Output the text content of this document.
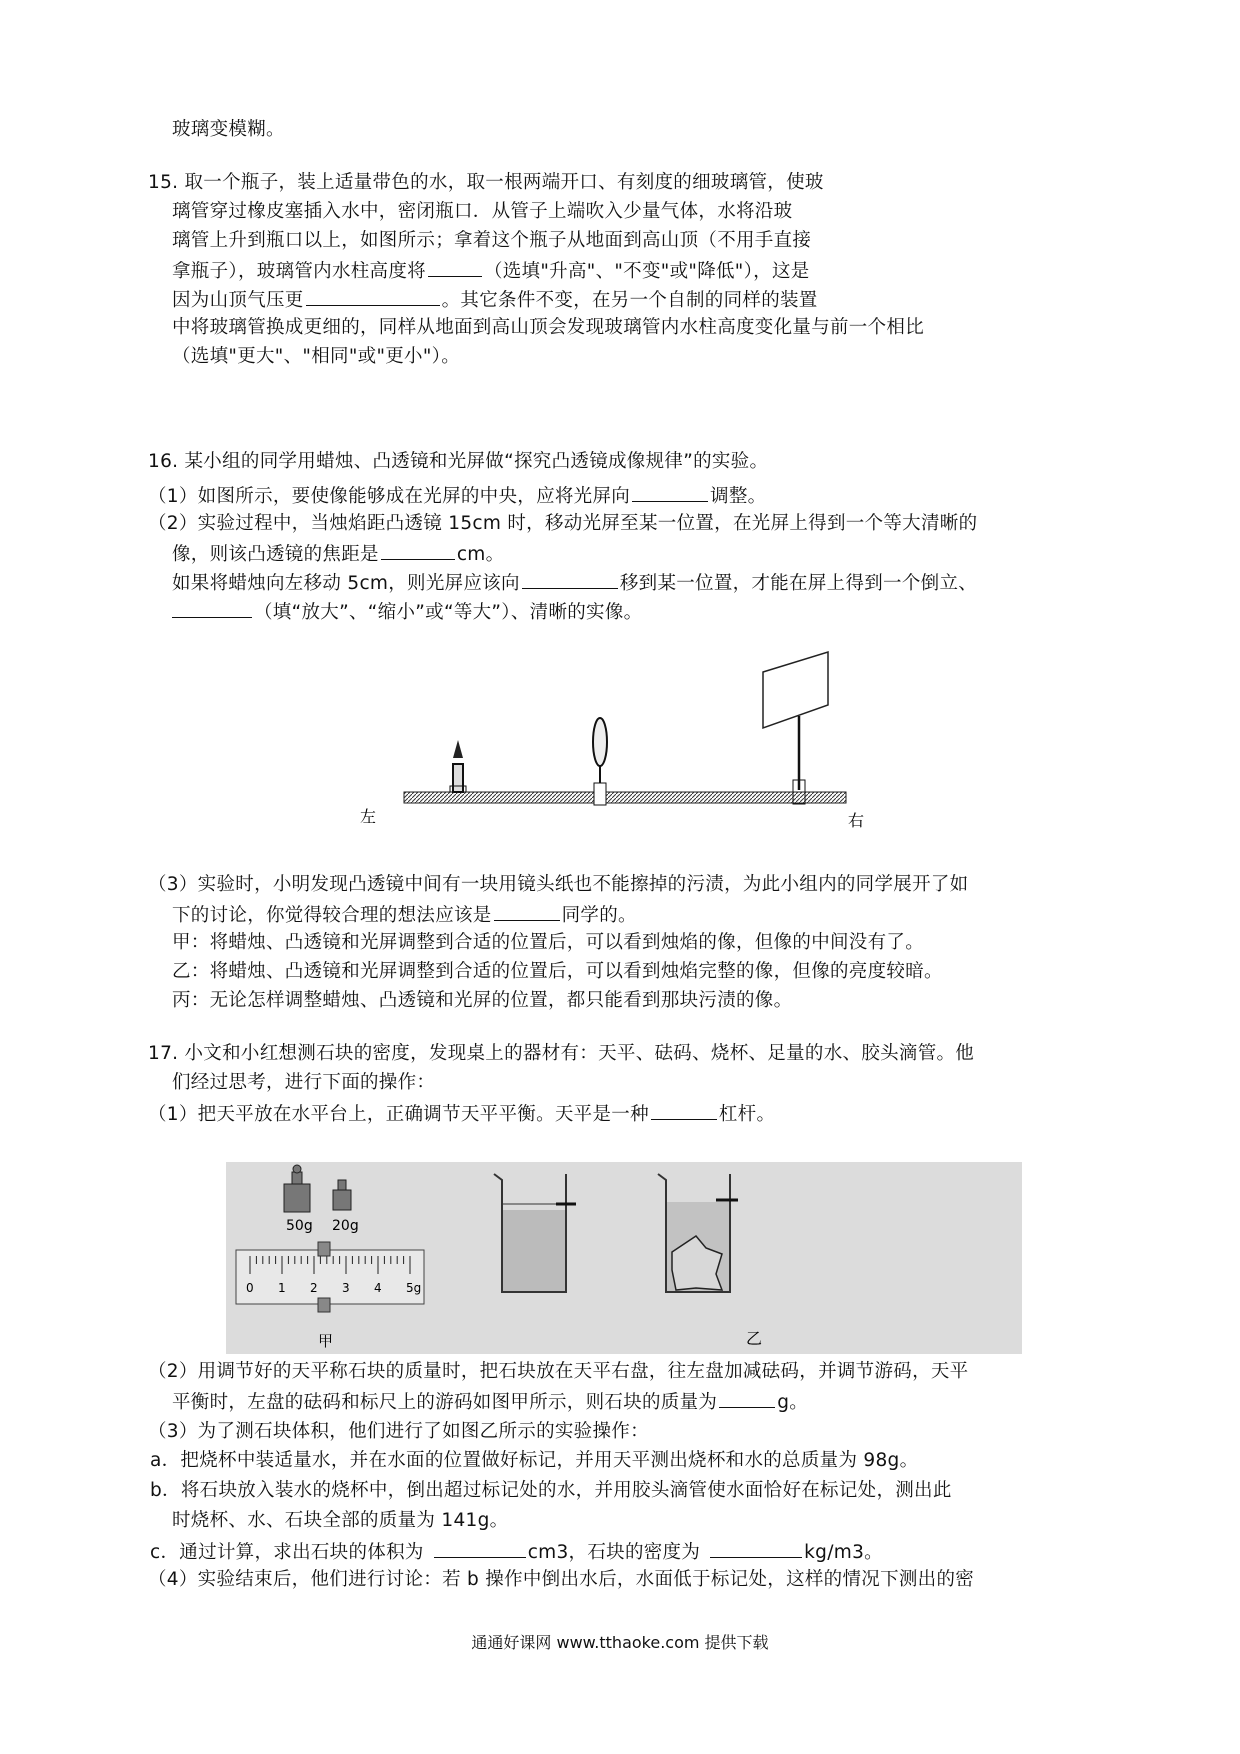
玻璃变模糊。
15. 取一个瓶子，装上适量带色的水，取一根两端开口、有刻度的细玻璃管，使玻
璃管穿过橡皮塞插入水中，密闭瓶口．从管子上端吹入少量气体，水将沿玻
璃管上升到瓶口以上，如图所示；拿着这个瓶子从地面到高山顶（不用手直接
拿瓶子），玻璃管内水柱高度将	（选填"升高"、"不变"或"降低"），这是
因为山顶气压更	。其它条件不变，在另一个自制的同样的装置
中将玻璃管换成更细的，同样从地面到高山顶会发现玻璃管内水柱高度变化量与前一个相比
（选填"更大"、"相同"或"更小"）。
16. 某小组的同学用蜡烛、凸透镜和光屏做“探究凸透镜成像规律”的实验。
（1）如图所示，要使像能够成在光屏的中央，应将光屏向	调整。
（2）实验过程中，当烛焰距凸透镜 15cm 时，移动光屏至某一位置，在光屏上得到一个等大清晰的
像，则该凸透镜的焦距是	cm。
如果将蜡烛向左移动 5cm，则光屏应该向	移到某一位置，才能在屏上得到一个倒立、
（填“放大”、“缩小”或“等大”）、清晰的实像。
左	右
（3）实验时，小明发现凸透镜中间有一块用镜头纸也不能擦掉的污渍，为此小组内的同学展开了如
下的讨论，你觉得较合理的想法应该是	同学的。
甲：将蜡烛、凸透镜和光屏调整到合适的位置后，可以看到烛焰的像，但像的中间没有了。
乙：将蜡烛、凸透镜和光屏调整到合适的位置后，可以看到烛焰完整的像，但像的亮度较暗。
丙：无论怎样调整蜡烛、凸透镜和光屏的位置，都只能看到那块污渍的像。
17. 小文和小红想测石块的密度，发现桌上的器材有：天平、砝码、烧杯、足量的水、胶头滴管。他
们经过思考，进行下面的操作：
（1）把天平放在水平台上，正确调节天平平衡。天平是一种	杠杆。
50g 20g
0 1 2 3 4 5g
甲	乙
（2）用调节好的天平称石块的质量时，把石块放在天平右盘，往左盘加减砝码，并调节游码，天平
平衡时，左盘的砝码和标尺上的游码如图甲所示，则石块的质量为	g。
（3）为了测石块体积，他们进行了如图乙所示的实验操作：
a．把烧杯中装适量水，并在水面的位置做好标记，并用天平测出烧杯和水的总质量为 98g。
b．将石块放入装水的烧杯中，倒出超过标记处的水，并用胶头滴管使水面恰好在标记处，测出此
时烧杯、水、石块全部的质量为 141g。
c．通过计算，求出石块的体积为	cm3，石块的密度为	kg/m3。
（4）实验结束后，他们进行讨论：若 b 操作中倒出水后，水面低于标记处，这样的情况下测出的密
通通好课网 www.tthaoke.com 提供下载
